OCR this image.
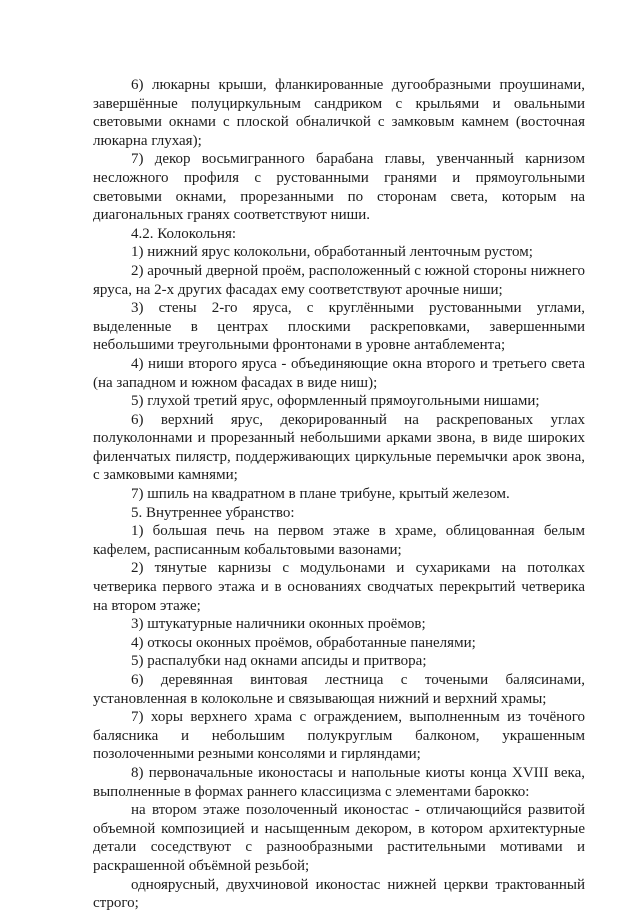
6) люкарны крыши, фланкированные дугообразными проушинами, завершённые полуциркульным сандриком с крыльями и овальными световыми окнами с плоской обналичкой с замковым камнем (восточная люкарна глухая);

7) декор восьмигранного барабана главы, увенчанный карнизом несложного профиля с рустованными гранями и прямоугольными световыми окнами, прорезанными по сторонам света, которым на диагональных гранях соответствуют ниши.

4.2. Колокольня:

1) нижний ярус колокольни, обработанный ленточным рустом;

2) арочный дверной проём, расположенный с южной стороны нижнего яруса, на 2-х других фасадах ему соответствуют арочные ниши;

3) стены 2-го яруса, с круглёнными рустованными углами, выделенные в центрах плоскими раскреповками, завершенными небольшими треугольными фронтонами в уровне антаблемента;

4) ниши второго яруса - объединяющие окна второго и третьего света (на западном и южном фасадах в виде ниш);

5) глухой третий ярус, оформленный прямоугольными нишами;

6) верхний ярус, декорированный на раскрепованых углах полуколоннами и прорезанный небольшими арками звона, в виде широких филенчатых пилястр, поддерживающих циркульные перемычки арок звона, с замковыми камнями;

7) шпиль на квадратном в плане трибуне, крытый железом.

5. Внутреннее убранство:

1) большая печь на первом этаже в храме, облицованная белым кафелем, расписанным кобальтовыми вазонами;

2) тянутые карнизы с модульонами и сухариками на потолках четверика первого этажа и в основаниях сводчатых перекрытий четверика на втором этаже;

3) штукатурные наличники оконных проёмов;

4) откосы оконных проёмов, обработанные панелями;

5) распалубки над окнами апсиды и притвора;

6) деревянная винтовая лестница с точеными балясинами, установленная в колокольне и связывающая нижний и верхний храмы;

7) хоры верхнего храма с ограждением, выполненным из точёного балясника и небольшим полукруглым балконом, украшенным позолоченными резными консолями и гирляндами;

8) первоначальные иконостасы и напольные киоты конца XVIII века, выполненные в формах раннего классицизма с элементами барокко:

на втором этаже позолоченный иконостас - отличающийся развитой объемной композицией и насыщенным декором, в котором архитектурные детали соседствуют с разнообразными растительными мотивами и раскрашенной объёмной резьбой;

одноярусный, двухчиновой иконостас нижней церкви трактованный строго;
